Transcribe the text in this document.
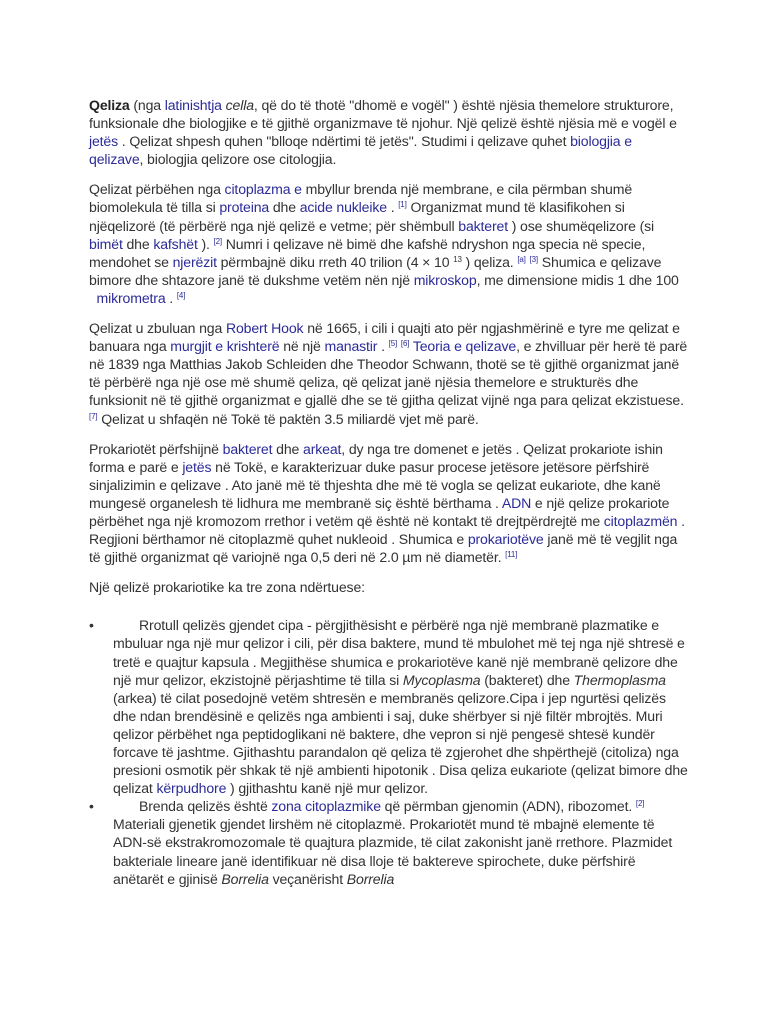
Qeliza (nga latinishtja cella, që do të thotë "dhomë e vogël" ) është njësia themelore strukturore, funksionale dhe biologjike e të gjithë organizmave të njohur. Një qelizë është njësia më e vogël e jetës . Qelizat shpesh quhen "blloqe ndërtimi të jetës". Studimi i qelizave quhet biologjia e qelizave, biologjia qelizore ose citologjia.

Qelizat përbëhen nga citoplazma e mbyllur brenda një membrane, e cila përmban shumë biomolekula të tilla si proteina dhe acide nukleike . [1] Organizmat mund të klasifikohen si njëqelizorë (të përbërë nga një qelizë e vetme; për shëmbull bakteret ) ose shumëqelizore (si bimët dhe kafshët ). [2] Numri i qelizave në bimë dhe kafshë ndryshon nga specia në specie, mendohet se njerëzit përmbajnë diku rreth 40 trilion (4 × 10 $^{13}$ ) qeliza. [a] [3] Shumica e qelizave bimore dhe shtazore janë të dukshme vetëm nën një mikroskop, me dimensione midis 1 dhe 100   mikrometra . [4]

Qelizat u zbuluan nga Robert Hook në 1665, i cili i quajti ato për ngjashmërinë e tyre me qelizat e banuara nga murgjit e krishterë në një manastir . [5] [6] Teoria e qelizave, e zhvilluar për herë të parë në 1839 nga Matthias Jakob Schleiden dhe Theodor Schwann, thotë se të gjithë organizmat janë të përbërë nga një ose më shumë qeliza, që qelizat janë njësia themelore e strukturës dhe funksionit në të gjithë organizmat e gjallë dhe se të gjitha qelizat vijnë nga para qelizat ekzistuese. [7] Qelizat u shfaqën në Tokë të paktën 3.5 miliardë vjet më parë.

Prokariotët përfshijnë bakteret dhe arkeat, dy nga tre domenet e jetës . Qelizat prokariote ishin forma e parë e jetës në Tokë, e karakterizuar duke pasur procese jetësore jetësore përfshirë sinjalizimin e qelizave . Ato janë më të thjeshta dhe më të vogla se qelizat eukariote, dhe kanë mungesë organelesh të lidhura me membranë siç është bërthama . ADN e një qelize prokariote përbëhet nga një kromozom rrethor i vetëm që është në kontakt të drejtpërdrejtë me citoplazmën . Regjioni bërthamor në citoplazmë quhet nukleoid . Shumica e prokariotëve janë më të vegjlit nga të gjithë organizmat që variojnë nga 0,5 deri në 2.0 µm në diametër. [11]

Një qelizë prokariotike ka tre zona ndërtuese:

•	Rrotull qelizës gjendet cipa - përgjithësisht e përbërë nga një membranë plazmatike e mbuluar nga një mur qelizor i cili, për disa baktere, mund të mbulohet më tej nga një shtresë e tretë e quajtur kapsula . Megjithëse shumica e prokariotëve kanë një membranë qelizore dhe një mur qelizor, ekzistojnë përjashtime të tilla si Mycoplasma (bakteret) dhe Thermoplasma (arkea) të cilat posedojnë vetëm shtresën e membranës qelizore.Cipa i jep ngurtësi qelizës dhe ndan brendësinë e qelizës nga ambienti i saj, duke shërbyer si një filtër mbrojtës. Muri qelizor përbëhet nga peptidoglikani në baktere, dhe vepron si një pengesë shtesë kundër forcave të jashtme. Gjithashtu parandalon që qeliza të zgjerohet dhe shpërthejë (citoliza) nga presioni osmotik për shkak të një ambienti hipotonik . Disa qeliza eukariote (qelizat bimore dhe qelizat kërpudhore ) gjithashtu kanë një mur qelizor.
•	Brenda qelizës është zona citoplazmike që përmban gjenomin (ADN), ribozomet. [2] Materiali gjenetik gjendet lirshëm në citoplazmë. Prokariotët mund të mbajnë elemente të ADN-së ekstrakromozomale të quajtura plazmide, të cilat zakonisht janë rrethore. Plazmidet bakteriale lineare janë identifikuar në disa lloje të baktereve spirochete, duke përfshirë anëtarët e gjinisë Borrelia veçanërisht Borrelia
